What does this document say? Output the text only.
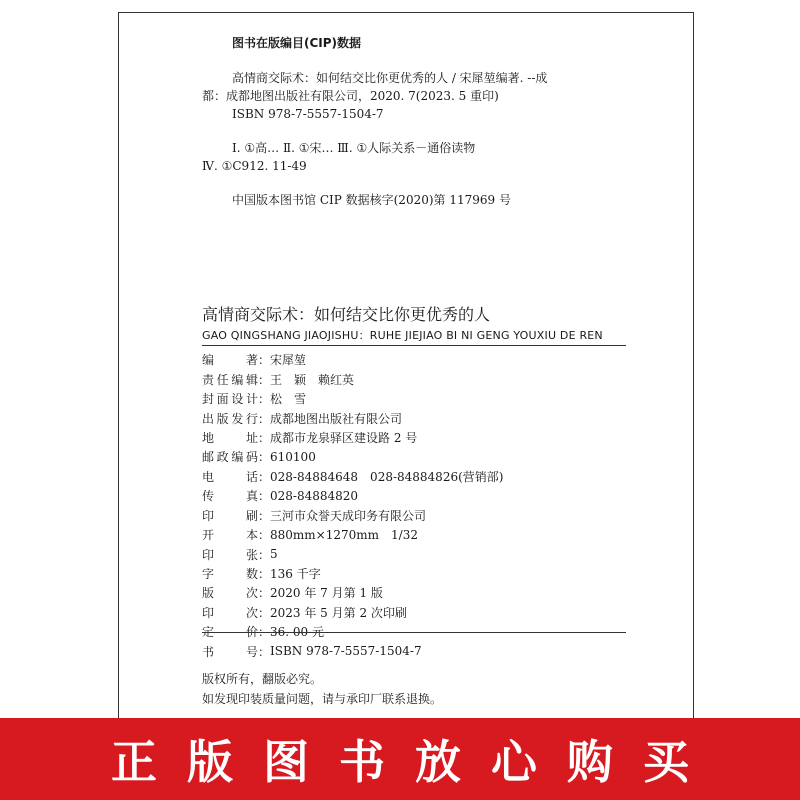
图书在版编目(CIP)数据
高情商交际术：如何结交比你更优秀的人 / 宋犀堃编著. --成
都：成都地图出版社有限公司，2020. 7(2023. 5 重印)
ISBN 978-7-5557-1504-7
Ⅰ. ①高… Ⅱ. ①宋… Ⅲ. ①人际关系－通俗读物
Ⅳ. ①C912. 11-49
中国版本图书馆 CIP 数据核字(2020)第 117969 号
高情商交际术：如何结交比你更优秀的人
GAO QINGSHANG JIAOJISHU：RUHE JIEJIAO BI NI GENG YOUXIU DE REN
编	著 ： 宋犀堃
责 任 编 辑 ： 王　颖　赖红英
封 面 设 计 ： 松　雪
出 版 发 行 ： 成都地图出版社有限公司
地	址 ： 成都市龙泉驿区建设路 2 号
邮 政 编 码 ： 610100
电	话 ： 028-84884648　028-84884826(营销部)
传	真 ： 028-84884820
印	刷 ： 三河市众誉天成印务有限公司
开	本 ： 880mm×1270mm　1/32
印	张 ： 5
字	数 ： 136 千字
版	次 ： 2020 年 7 月第 1 版
印	次 ： 2023 年 5 月第 2 次印刷
定	价 ： 36. 00 元
书	号 ： ISBN 978-7-5557-1504-7
版权所有，翻版必究。
如发现印装质量问题，请与承印厂联系退换。
正版图书放心购买
